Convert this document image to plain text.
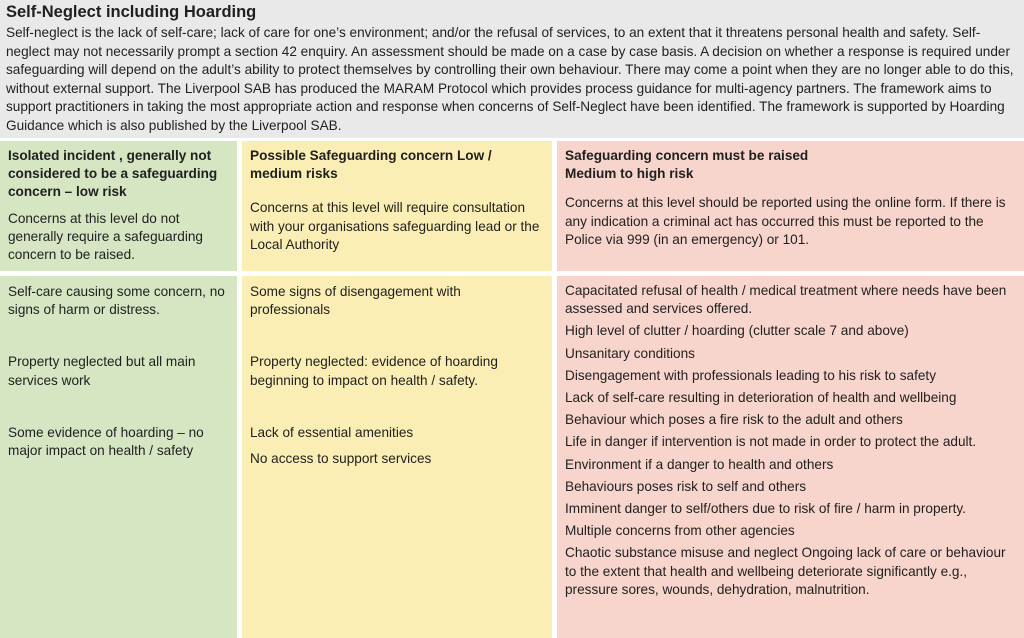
Self-Neglect including Hoarding

Self-neglect is the lack of self-care; lack of care for one’s environment; and/or the refusal of services, to an extent that it threatens personal health and safety. Self-neglect may not necessarily prompt a section 42 enquiry. An assessment should be made on a case by case basis. A decision on whether a response is required under safeguarding will depend on the adult’s ability to protect themselves by controlling their own behaviour. There may come a point when they are no longer able to do this, without external support. The Liverpool SAB has produced the MARAM Protocol which provides process guidance for multi-agency partners. The framework aims to support practitioners in taking the most appropriate action and response when concerns of Self-Neglect have been identified. The framework is supported by Hoarding Guidance which is also published by the Liverpool SAB.

Isolated incident , generally not considered to be a safeguarding concern – low risk

Concerns at this level do not generally require a safeguarding concern to be raised.

Possible Safeguarding concern Low / medium risks

Concerns at this level will require consultation with your organisations safeguarding lead or the Local Authority

Safeguarding concern must be raised

Medium to high risk

Concerns at this level should be reported using the online form. If there is any indication a criminal act has occurred this must be reported to the Police via 999 (in an emergency) or 101.

Self-care causing some concern, no signs of harm or distress.

Property neglected but all main services work

Some evidence of hoarding – no major impact on health / safety

Some signs of disengagement with professionals

Property neglected: evidence of hoarding beginning to impact on health / safety.

Lack of essential amenities

No access to support services

Capacitated refusal of health / medical treatment where needs have been assessed and services offered.

High level of clutter / hoarding (clutter scale 7 and above)

Unsanitary conditions

Disengagement with professionals leading to his risk to safety

Lack of self-care resulting in deterioration of health and wellbeing

Behaviour which poses a fire risk to the adult and others

Life in danger if intervention is not made in order to protect the adult.

Environment if a danger to health and others

Behaviours poses risk to self and others

Imminent danger to self/others due to risk of fire / harm in property.

Multiple concerns from other agencies

Chaotic substance misuse and neglect Ongoing lack of care or behaviour to the extent that health and wellbeing deteriorate significantly e.g., pressure sores, wounds, dehydration, malnutrition.
